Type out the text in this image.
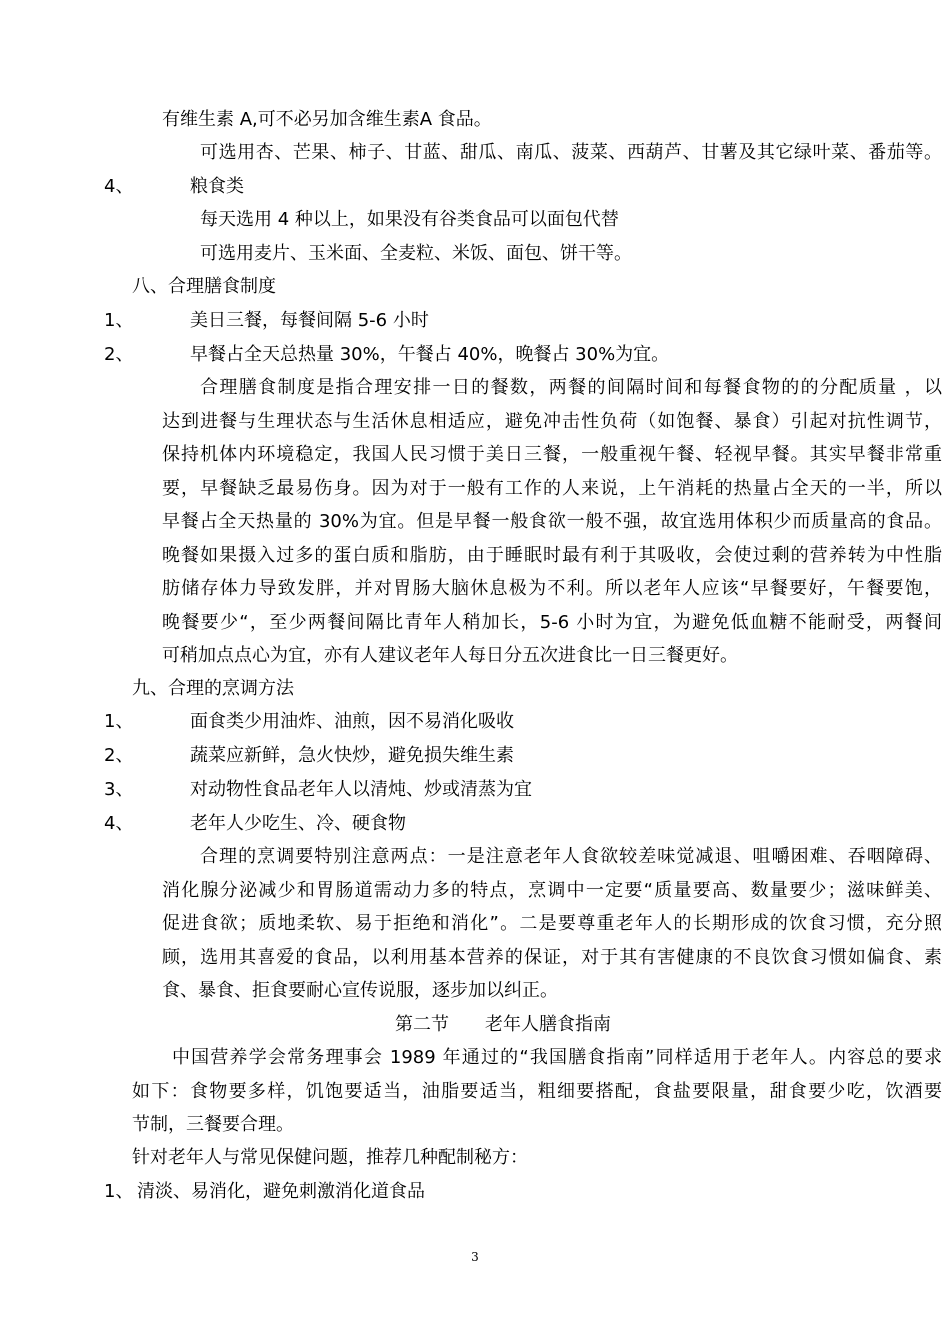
4、
1、
2、
1、
2、
3、
4、
1、
有维生素 A,可不必另加含维生素A 食品。
可选用杏、芒果、柿子、甘蓝、甜瓜、南瓜、菠菜、西葫芦、甘薯及其它绿叶菜、番茄等。
粮食类
每天选用 4 种以上，如果没有谷类食品可以面包代替
可选用麦片、玉米面、全麦粒、米饭、面包、饼干等。
八、合理膳食制度
美日三餐，每餐间隔 5-6 小时
早餐占全天总热量 30%，午餐占 40%，晚餐占 30%为宜。
合理膳食制度是指合理安排一日的餐数，两餐的间隔时间和每餐食物的的分配质量 ，以
达到进餐与生理状态与生活休息相适应，避免冲击性负荷（如饱餐、暴食）引起对抗性调节，
保持机体内环境稳定，我国人民习惯于美日三餐，一般重视午餐、轻视早餐。其实早餐非常重
要，早餐缺乏最易伤身。因为对于一般有工作的人来说，上午消耗的热量占全天的一半，所以
早餐占全天热量的 30%为宜。但是早餐一般食欲一般不强，故宜选用体积少而质量高的食品。
晚餐如果摄入过多的蛋白质和脂肪，由于睡眠时最有利于其吸收，会使过剩的营养转为中性脂
肪储存体力导致发胖，并对胃肠大脑休息极为不利。所以老年人应该“早餐要好，午餐要饱，
晚餐要少“，至少两餐间隔比青年人稍加长，5-6 小时为宜，为避免低血糖不能耐受，两餐间
可稍加点点心为宜，亦有人建议老年人每日分五次进食比一日三餐更好。
九、合理的烹调方法
面食类少用油炸、油煎，因不易消化吸收
蔬菜应新鲜，急火快炒，避免损失维生素
对动物性食品老年人以清炖、炒或清蒸为宜
老年人少吃生、冷、硬食物
合理的烹调要特别注意两点：一是注意老年人食欲较差味觉减退、咀嚼困难、吞咽障碍、
消化腺分泌减少和胃肠道需动力多的特点，烹调中一定要“质量要高、数量要少；滋味鲜美、
促进食欲；质地柔软、易于拒绝和消化”。二是要尊重老年人的长期形成的饮食习惯，充分照
顾，选用其喜爱的食品，以利用基本营养的保证，对于其有害健康的不良饮食习惯如偏食、素
食、暴食、拒食要耐心宣传说服，逐步加以纠正。
第二节　　老年人膳食指南
中国营养学会常务理事会 1989 年通过的“我国膳食指南”同样适用于老年人。内容总的要求
如下：食物要多样，饥饱要适当，油脂要适当，粗细要搭配，食盐要限量，甜食要少吃，饮酒要
节制，三餐要合理。
针对老年人与常见保健问题，推荐几种配制秘方：
清淡、易消化，避免刺激消化道食品
3
